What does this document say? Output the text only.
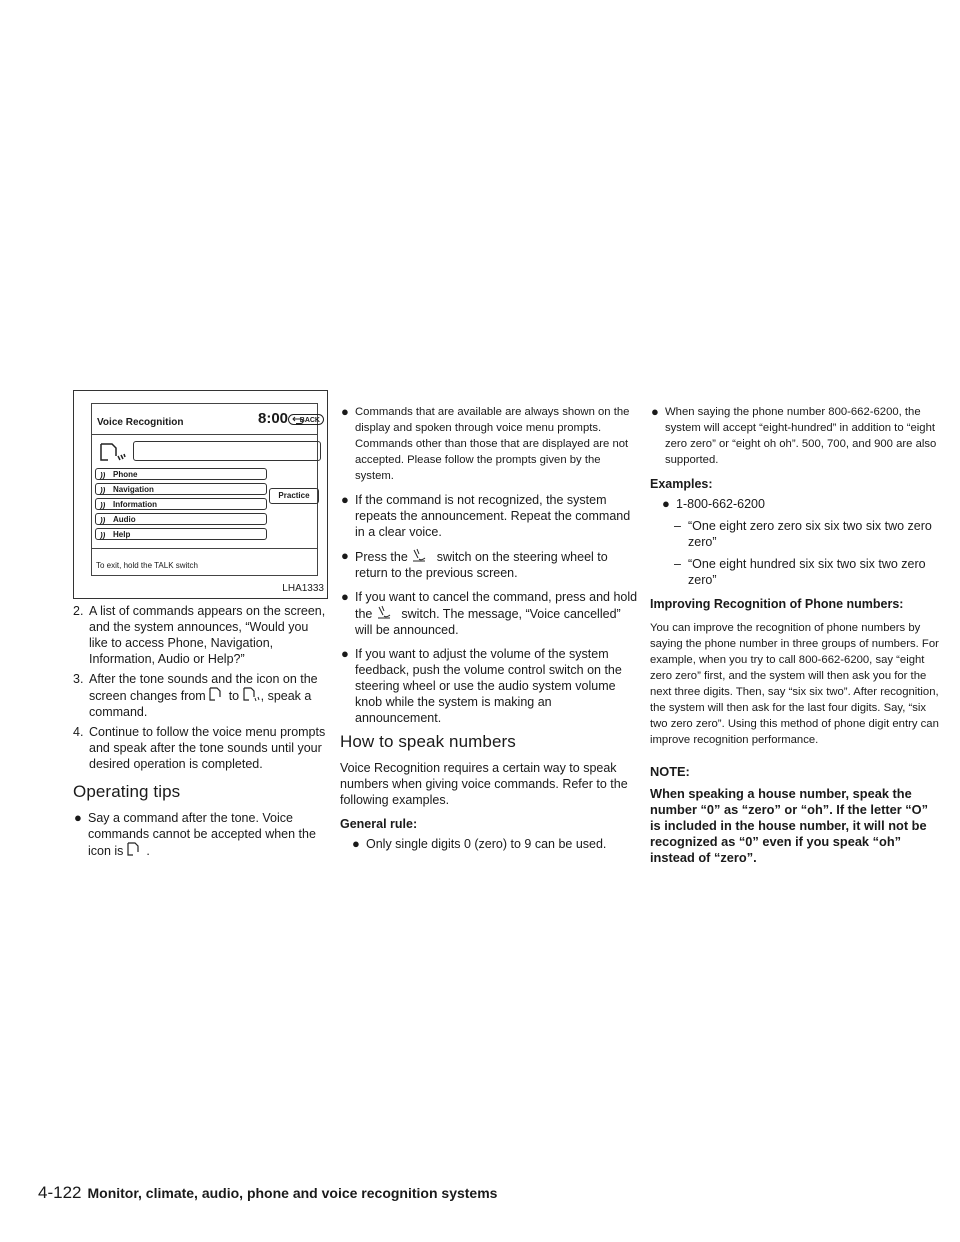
Voice Recognition	8:00	BACK
)) Phone
)) Navigation
)) Information
)) Audio
)) Help
Practice
To exit, hold the TALK switch
LHA1333

2. A list of commands appears on the screen, and the system announces, “Would you like to access Phone, Navigation, Information, Audio or Help?”

3. After the tone sounds and the icon on the screen changes from to , speak a command.

4. Continue to follow the voice menu prompts and speak after the tone sounds until your desired operation is completed.

Operating tips

● Say a command after the tone. Voice commands cannot be accepted when the icon is .

● Commands that are available are always shown on the display and spoken through voice menu prompts. Commands other than those that are displayed are not accepted. Please follow the prompts given by the system.

● If the command is not recognized, the system repeats the announcement. Repeat the command in a clear voice.

● Press the switch on the steering wheel to return to the previous screen.

● If you want to cancel the command, press and hold the switch. The message, “Voice cancelled” will be announced.

● If you want to adjust the volume of the system feedback, push the volume control switch on the steering wheel or use the audio system volume knob while the system is making an announcement.

How to speak numbers

Voice Recognition requires a certain way to speak numbers when giving voice commands. Refer to the following examples.

General rule:

● Only single digits 0 (zero) to 9 can be used.

● When saying the phone number 800-662-6200, the system will accept “eight-hundred” in addition to “eight zero zero” or “eight oh oh”. 500, 700, and 900 are also supported.

Examples:

● 1-800-662-6200

– “One eight zero zero six six two six two zero zero”

– “One eight hundred six six two six two zero zero”

Improving Recognition of Phone numbers:

You can improve the recognition of phone numbers by saying the phone number in three groups of numbers. For example, when you try to call 800-662-6200, say “eight zero zero” first, and the system will then ask you for the next three digits. Then, say “six six two”. After recognition, the system will then ask for the last four digits. Say, “six two zero zero”. Using this method of phone digit entry can improve recognition performance.

NOTE:

When speaking a house number, speak the number “0” as “zero” or “oh”. If the letter “O” is included in the house number, it will not be recognized as “0” even if you speak “oh” instead of “zero”.

4-122 Monitor, climate, audio, phone and voice recognition systems
